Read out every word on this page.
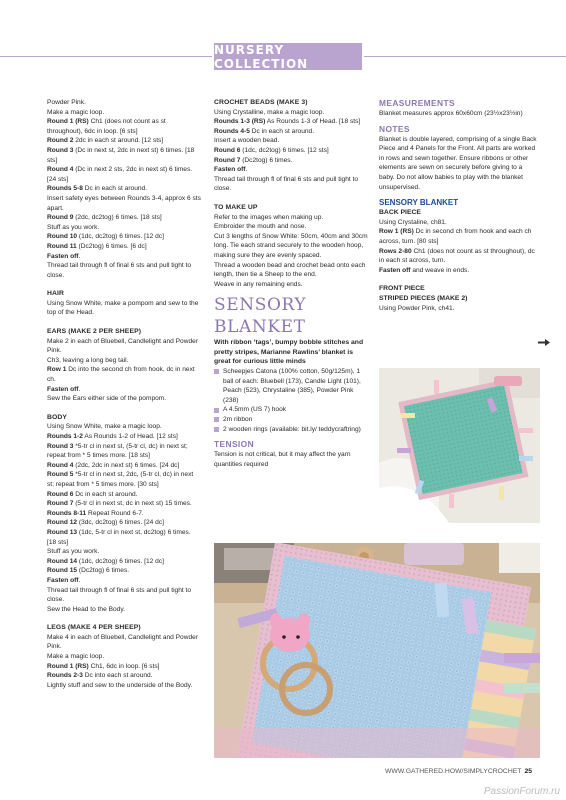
NURSERY COLLECTION

Powder Pink.

Make a magic loop.

Round 1 (RS) Ch1 (does not count as st throughout), 6dc in loop. [6 sts]

Round 2 2dc in each st around. [12 sts]

Round 3 (Dc in next st, 2dc in next st) 6 times. [18 sts]

Round 4 (Dc in next 2 sts, 2dc in next st) 6 times. [24 sts]

Rounds 5-8 Dc in each st around.

Insert safety eyes between Rounds 3-4, approx 6 sts apart.

Round 9 (2dc, dc2tog) 6 times. [18 sts]

Stuff as you work.

Round 10 (1dc, dc2tog) 6 times. [12 dc]

Round 11 (Dc2tog) 6 times. [6 dc]

Fasten off.

Thread tail through fl of final 6 sts and pull tight to close.

HAIR

Using Snow White, make a pompom and sew to the top of the Head.

EARS (MAKE 2 PER SHEEP)

Make 2 in each of Bluebell, Candlelight and Powder Pink.

Ch3, leaving a long beg tail.

Row 1 Dc into the second ch from hook, dc in next ch.

Fasten off.

Sew the Ears either side of the pompom.

BODY

Using Snow White, make a magic loop.

Rounds 1-2 As Rounds 1-2 of Head. [12 sts]

Round 3 *5-tr cl in next st, (5-tr cl, dc) in next st; repeat from * 5 times more. [18 sts]

Round 4 (2dc, 2dc in next st) 6 times. [24 dc]

Round 5 *5-tr cl in next st, 2dc, (5-tr cl, dc) in next st; repeat from * 5 times more. [30 sts]

Round 6 Dc in each st around.

Round 7 (5-tr cl in next st, dc in next st) 15 times.

Rounds 8-11 Repeat Round 6-7.

Round 12 (3dc, dc2tog) 6 times. [24 dc]

Round 13 (1dc, 5-tr cl in next st, dc2tog) 6 times. [18 sts]

Stuff as you work.

Round 14 (1dc, dc2tog) 6 times. [12 dc]

Round 15 (Dc2tog) 6 times.

Fasten off.

Thread tail through fl of final 6 sts and pull tight to close.

Sew the Head to the Body.

LEGS (MAKE 4 PER SHEEP)

Make 4 in each of Bluebell, Candlelight and Powder Pink.

Make a magic loop.

Round 1 (RS) Ch1, 6dc in loop. [6 sts]

Rounds 2-3 Dc into each st around.

Lightly stuff and sew to the underside of the Body.

CROCHET BEADS (MAKE 3)

Using Crystalline, make a magic loop.

Rounds 1-3 (RS) As Rounds 1-3 of Head. [18 sts]

Rounds 4-5 Dc in each st around.

Insert a wooden bead.

Round 6 (1dc, dc2tog) 6 times. [12 sts]

Round 7 (Dc2tog) 6 times.

Fasten off.

Thread tail through fl of final 6 sts and pull tight to close.

TO MAKE UP

Refer to the images when making up.

Embroider the mouth and nose.

Cut 3 lengths of Snow White: 50cm, 40cm and 30cm long. Tie each strand securely to the wooden hoop, making sure they are evenly spaced.

Thread a wooden bead and crochet bead onto each length, then tie a Sheep to the end.

Weave in any remaining ends.

SENSORY BLANKET

With ribbon ‘tags’, bumpy bobble stitches and pretty stripes, Marianne Rawlins’ blanket is great for curious little minds

Scheepjes Catona (100% cotton, 50g/125m), 1 ball of each: Bluebell (173), Candle Light (101), Peach (523), Chrystaline (385), Powder Pink (238)

A 4.5mm (US 7) hook

2m ribbon

2 wooden rings (available: bit.ly/ teddycraftring)

TENSION

Tension is not critical, but it may affect the yarn quantities required

MEASUREMENTS

Blanket measures approx 60x60cm (23½x23½in)

NOTES

Blanket is double layered, comprising of a single Back Piece and 4 Panels for the Front. All parts are worked in rows and sewn together. Ensure ribbons or other elements are sewn on securely before giving to a baby. Do not allow babies to play with the blanket unsupervised.

SENSORY BLANKET

BACK PIECE

Using Crystaline, ch81.

Row 1 (RS) Dc in second ch from hook and each ch across, turn. [80 sts]

Rows 2-80 Ch1 (does not count as st throughout), dc in each st across, turn.

Fasten off and weave in ends.

FRONT PIECE

STRIPED PIECES (MAKE 2)

Using Powder Pink, ch41.

WWW.GATHERED.HOW/SIMPLYCROCHET 25
PassionForum.ru
